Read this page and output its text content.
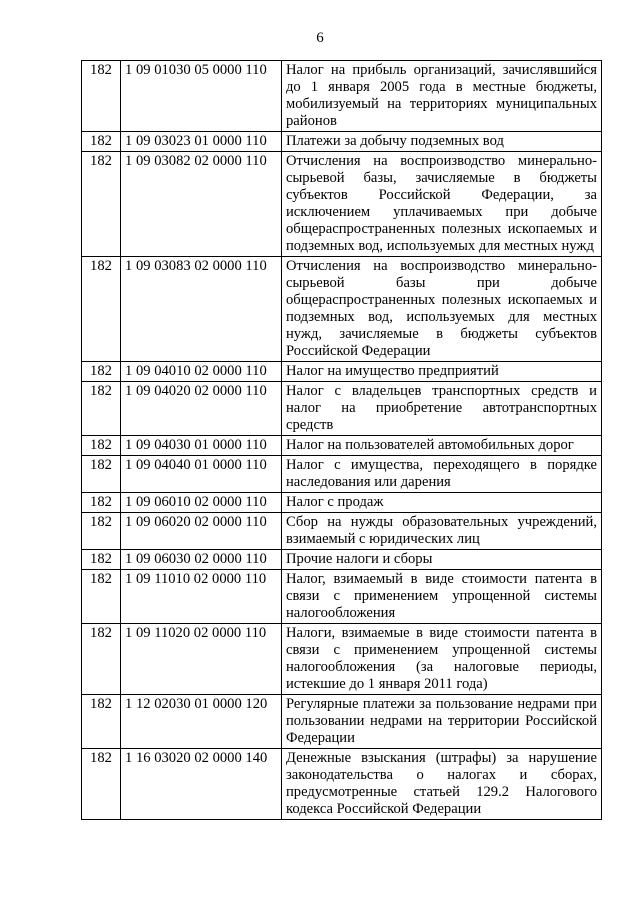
6
182	1 09 01030 05 0000 110	Налог на прибыль организаций, зачислявшийся до 1 января 2005 года в местные бюджеты, мобилизуемый на территориях муниципальных районов
182	1 09 03023 01 0000 110	Платежи за добычу подземных вод
182	1 09 03082 02 0000 110	Отчисления на воспроизводство минерально-сырьевой базы, зачисляемые в бюджеты субъектов Российской Федерации, за исключением уплачиваемых при добыче общераспространенных полезных ископаемых и подземных вод, используемых для местных нужд
182	1 09 03083 02 0000 110	Отчисления на воспроизводство минерально-сырьевой базы при добыче общераспространенных полезных ископаемых и подземных вод, используемых для местных нужд, зачисляемые в бюджеты субъектов Российской Федерации
182	1 09 04010 02 0000 110	Налог на имущество предприятий
182	1 09 04020 02 0000 110	Налог с владельцев транспортных средств и налог на приобретение автотранспортных средств
182	1 09 04030 01 0000 110	Налог на пользователей автомобильных дорог
182	1 09 04040 01 0000 110	Налог с имущества, переходящего в порядке наследования или дарения
182	1 09 06010 02 0000 110	Налог с продаж
182	1 09 06020 02 0000 110	Сбор на нужды образовательных учреждений, взимаемый с юридических лиц
182	1 09 06030 02 0000 110	Прочие налоги и сборы
182	1 09 11010 02 0000 110	Налог, взимаемый в виде стоимости патента в связи с применением упрощенной системы налогообложения
182	1 09 11020 02 0000 110	Налоги, взимаемые в виде стоимости патента в связи с применением упрощенной системы налогообложения (за налоговые периоды, истекшие до 1 января 2011 года)
182	1 12 02030 01 0000 120	Регулярные платежи за пользование недрами при пользовании недрами на территории Российской Федерации
182	1 16 03020 02 0000 140	Денежные взыскания (штрафы) за нарушение законодательства о налогах и сборах, предусмотренные статьей 129.2 Налогового кодекса Российской Федерации
